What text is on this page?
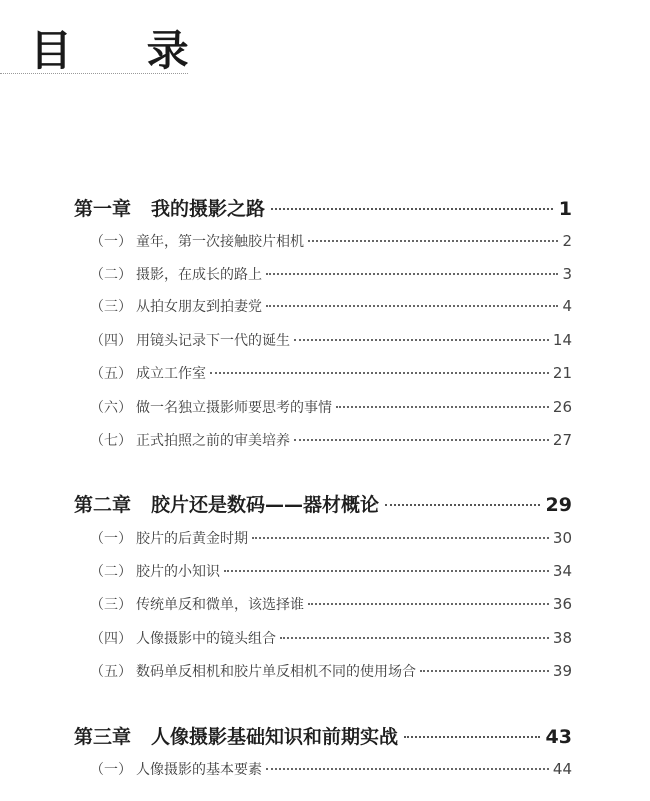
目 录
第一章 我的摄影之路	1
（一） 童年，第一次接触胶片相机	2
（二） 摄影，在成长的路上	3
（三） 从拍女朋友到拍妻党	4
（四） 用镜头记录下一代的诞生	14
（五） 成立工作室	21
（六） 做一名独立摄影师要思考的事情	26
（七） 正式拍照之前的审美培养	27
第二章 胶片还是数码——器材概论	29
（一） 胶片的后黄金时期	30
（二） 胶片的小知识	34
（三） 传统单反和微单，该选择谁	36
（四） 人像摄影中的镜头组合	38
（五） 数码单反相机和胶片单反相机不同的使用场合	39
第三章 人像摄影基础知识和前期实战	43
（一） 人像摄影的基本要素	44
